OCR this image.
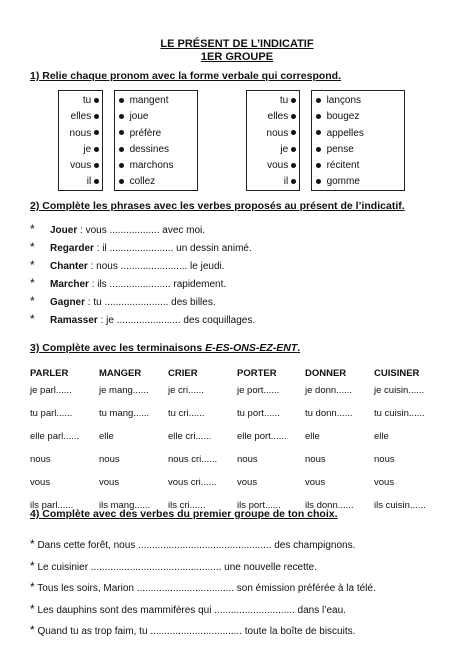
LE PRÉSENT DE L’INDICATIF
1ER GROUPE
1) Relie chaque pronom avec la forme verbale qui correspond.
tu
elles
nous
je
vous
il
mangent
joue
préfère
dessines
marchons
collez
tu
elles
nous
je
vous
il
lançons
bougez
appelles
pense
récitent
gomme
2) Complète les phrases avec les verbes proposés au présent de l’indicatif.
* Jouer : vous .................. avec moi.
* Regarder : il ....................... un dessin animé.
* Chanter : nous ........................ le jeudi.
* Marcher : ils ...................... rapidement.
* Gagner : tu ....................... des billes.
* Ramasser : je ....................... des coquillages.
3) Complète avec les terminaisons E-ES-ONS-EZ-ENT.
PARLER
je parl......
tu parl......
elle parl......
nous
vous
ils parl......
MANGER
je mang......
tu mang......
elle
nous
vous
ils mang......
CRIER
je cri......
tu cri......
elle cri......
nous cri......
vous cri......
ils cri......
PORTER
je port......
tu port......
elle port......
nous
vous
ils port......
DONNER
je donn......
tu donn......
elle
nous
vous
ils donn......
CUISINER
je cuisin......
tu cuisin......
elle
nous
vous
ils cuisin......
4) Complète avec des verbes du premier groupe de ton choix.
* Dans cette forêt, nous ................................................ des champignons.
* Le cuisinier ............................................... une nouvelle recette.
* Tous les soirs, Marion ................................... son émission préférée à la télé.
* Les dauphins sont des mammifères qui ............................. dans l’eau.
* Quand tu as trop faim, tu ................................. toute la boîte de biscuits.
